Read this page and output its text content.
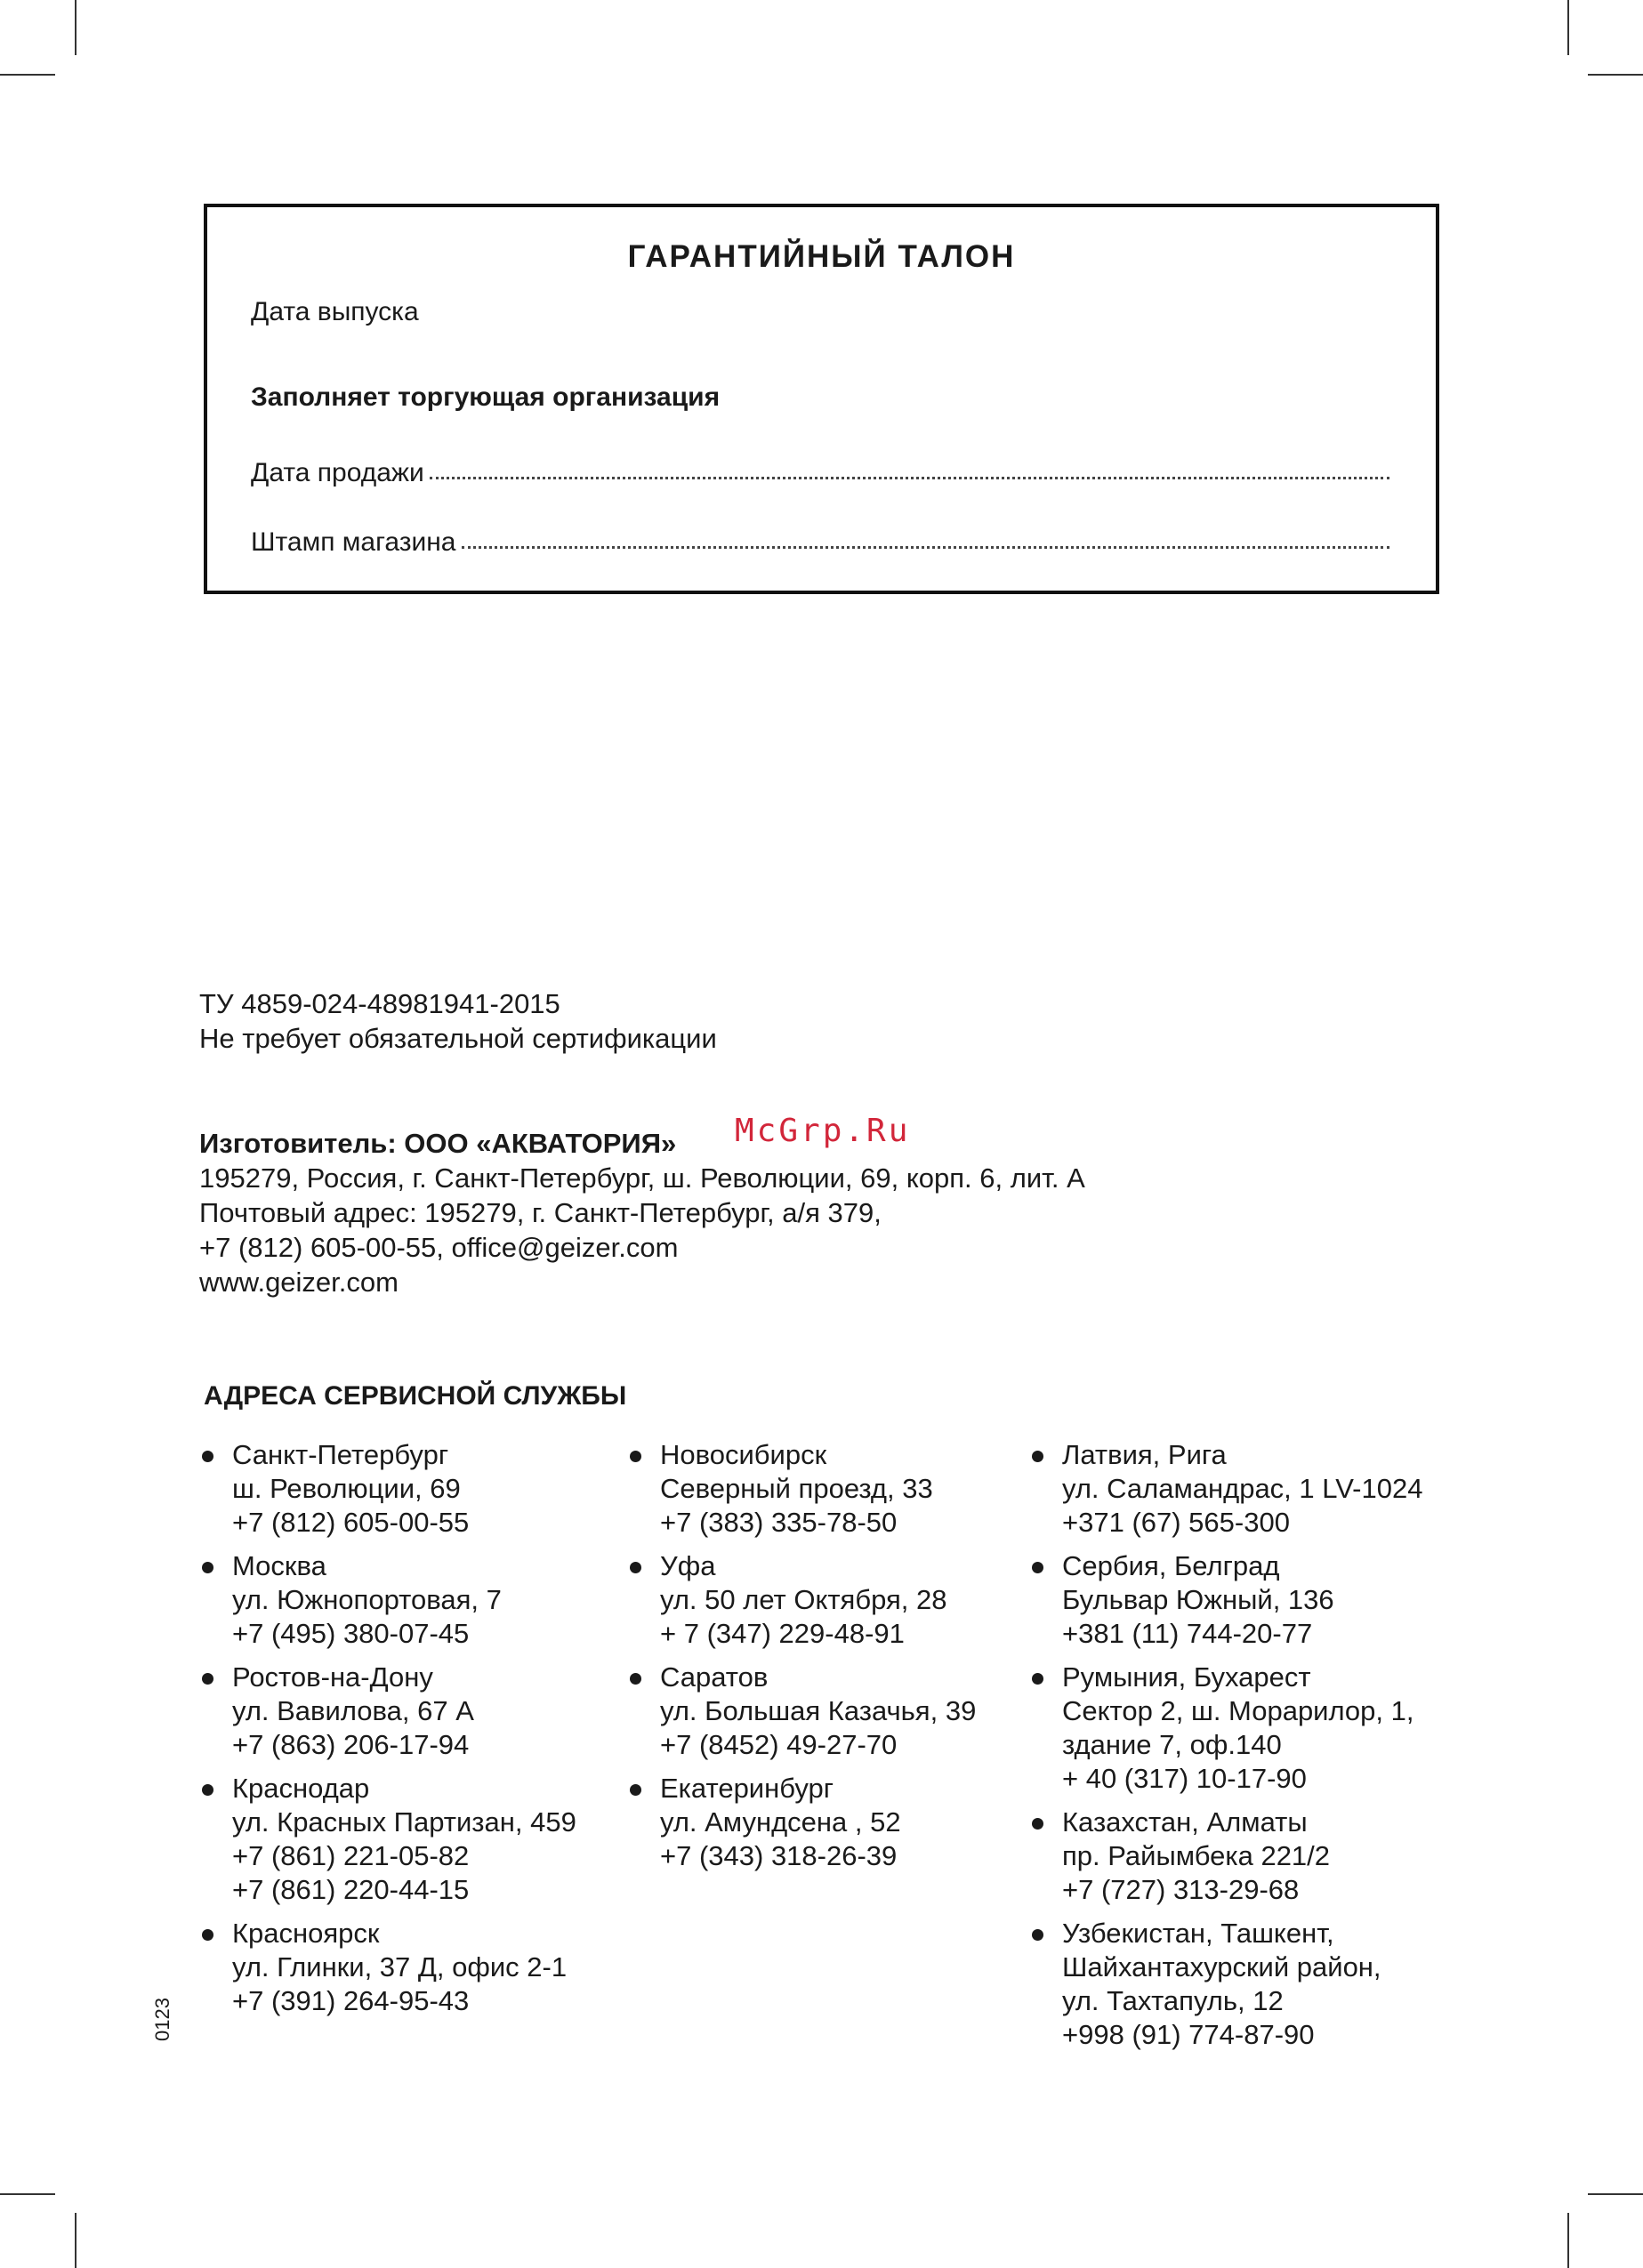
ГАРАНТИЙНЫЙ ТАЛОН
Дата выпуска
Заполняет торгующая организация
Дата продажи
Штамп магазина
ТУ 4859-024-48981941-2015
Не требует обязательной сертификации
McGrp.Ru
Изготовитель: ООО «АКВАТОРИЯ»
195279, Россия, г. Санкт-Петербург, ш. Революции, 69, корп. 6, лит. А
Почтовый адрес: 195279, г. Санкт-Петербург, а/я 379,
+7 (812) 605-00-55, office@geizer.com
www.geizer.com
АДРЕСА СЕРВИСНОЙ СЛУЖБЫ
Санкт-Петербург
ш. Революции, 69
+7 (812) 605-00-55
Москва
ул. Южнопортовая, 7
+7 (495) 380-07-45
Ростов-на-Дону
ул. Вавилова, 67 А
+7 (863) 206-17-94
Краснодар
ул. Красных Партизан, 459
+7 (861) 221-05-82
+7 (861) 220-44-15
Красноярск
ул. Глинки, 37 Д, офис 2-1
+7 (391) 264-95-43
Новосибирск
Северный проезд, 33
+7 (383) 335-78-50
Уфа
ул. 50 лет Октября, 28
+ 7 (347) 229-48-91
Саратов
ул. Большая Казачья, 39
+7 (8452) 49-27-70
Екатеринбург
ул. Амундсена , 52
+7 (343) 318-26-39
Латвия, Рига
ул. Саламандрас, 1 LV-1024
+371 (67) 565-300
Сербия, Белград
Бульвар Южный, 136
+381 (11) 744-20-77
Румыния, Бухарест
Сектор 2, ш. Морарилор, 1,
здание 7, оф.140
+ 40 (317) 10-17-90
Казахстан, Алматы
пр. Райымбека 221/2
+7 (727) 313-29-68
Узбекистан, Ташкент,
Шайхантахурский район,
ул. Тахтапуль, 12
+998 (91) 774-87-90
0123
